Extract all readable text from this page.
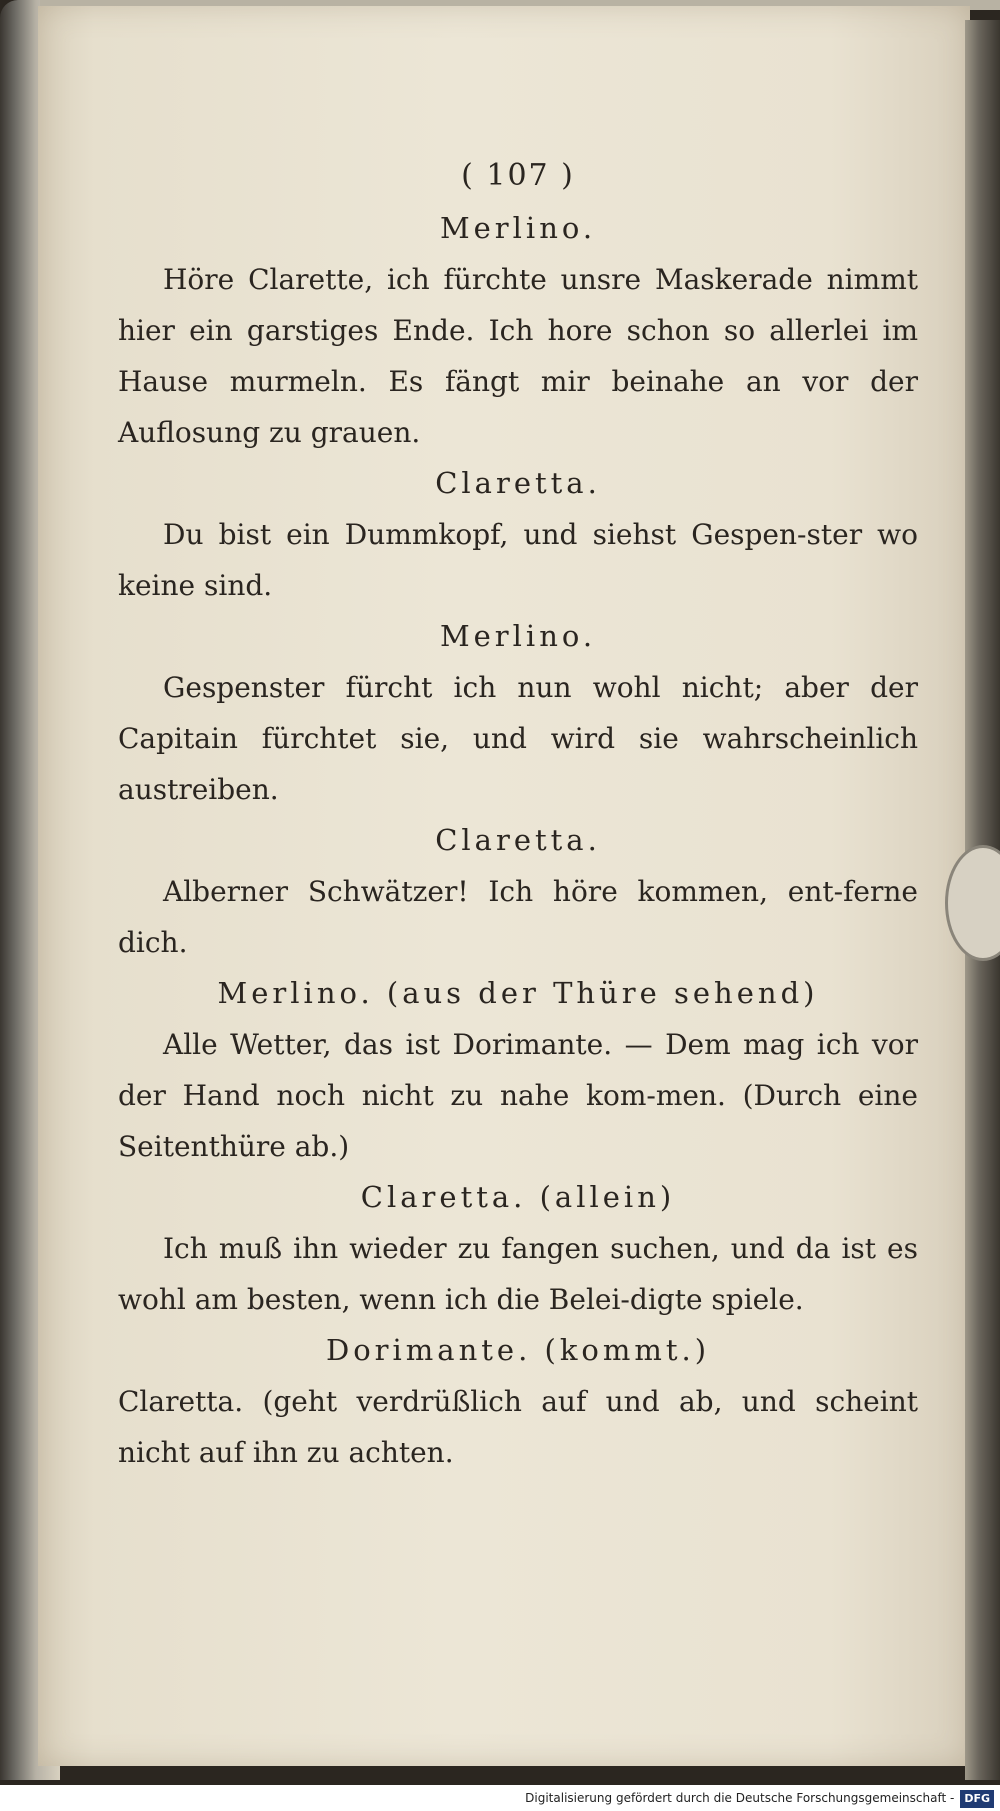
( 107 )
Merlino.
Höre Clarette, ich fürchte unsre Maskerade nimmt hier ein garstiges Ende. Ich hore schon so allerlei im Hause murmeln. Es fängt mir beinahe an vor der Auflosung zu grauen.
Claretta.
Du bist ein Dummkopf, und siehst Gespen-ster wo keine sind.
Merlino.
Gespenster fürcht ich nun wohl nicht; aber der Capitain fürchtet sie, und wird sie wahrscheinlich austreiben.
Claretta.
Alberner Schwätzer! Ich höre kommen, ent-ferne dich.
Merlino. (aus der Thüre sehend)
Alle Wetter, das ist Dorimante. — Dem mag ich vor der Hand noch nicht zu nahe kom-men. (Durch eine Seitenthüre ab.)
Claretta. (allein)
Ich muß ihn wieder zu fangen suchen, und da ist es wohl am besten, wenn ich die Belei-digte spiele.
Dorimante. (kommt.)
Claretta. (geht verdrüßlich auf und ab, und scheint nicht auf ihn zu achten.
Digitalisierung gefördert durch die Deutsche Forschungsgemeinschaft - DFG
